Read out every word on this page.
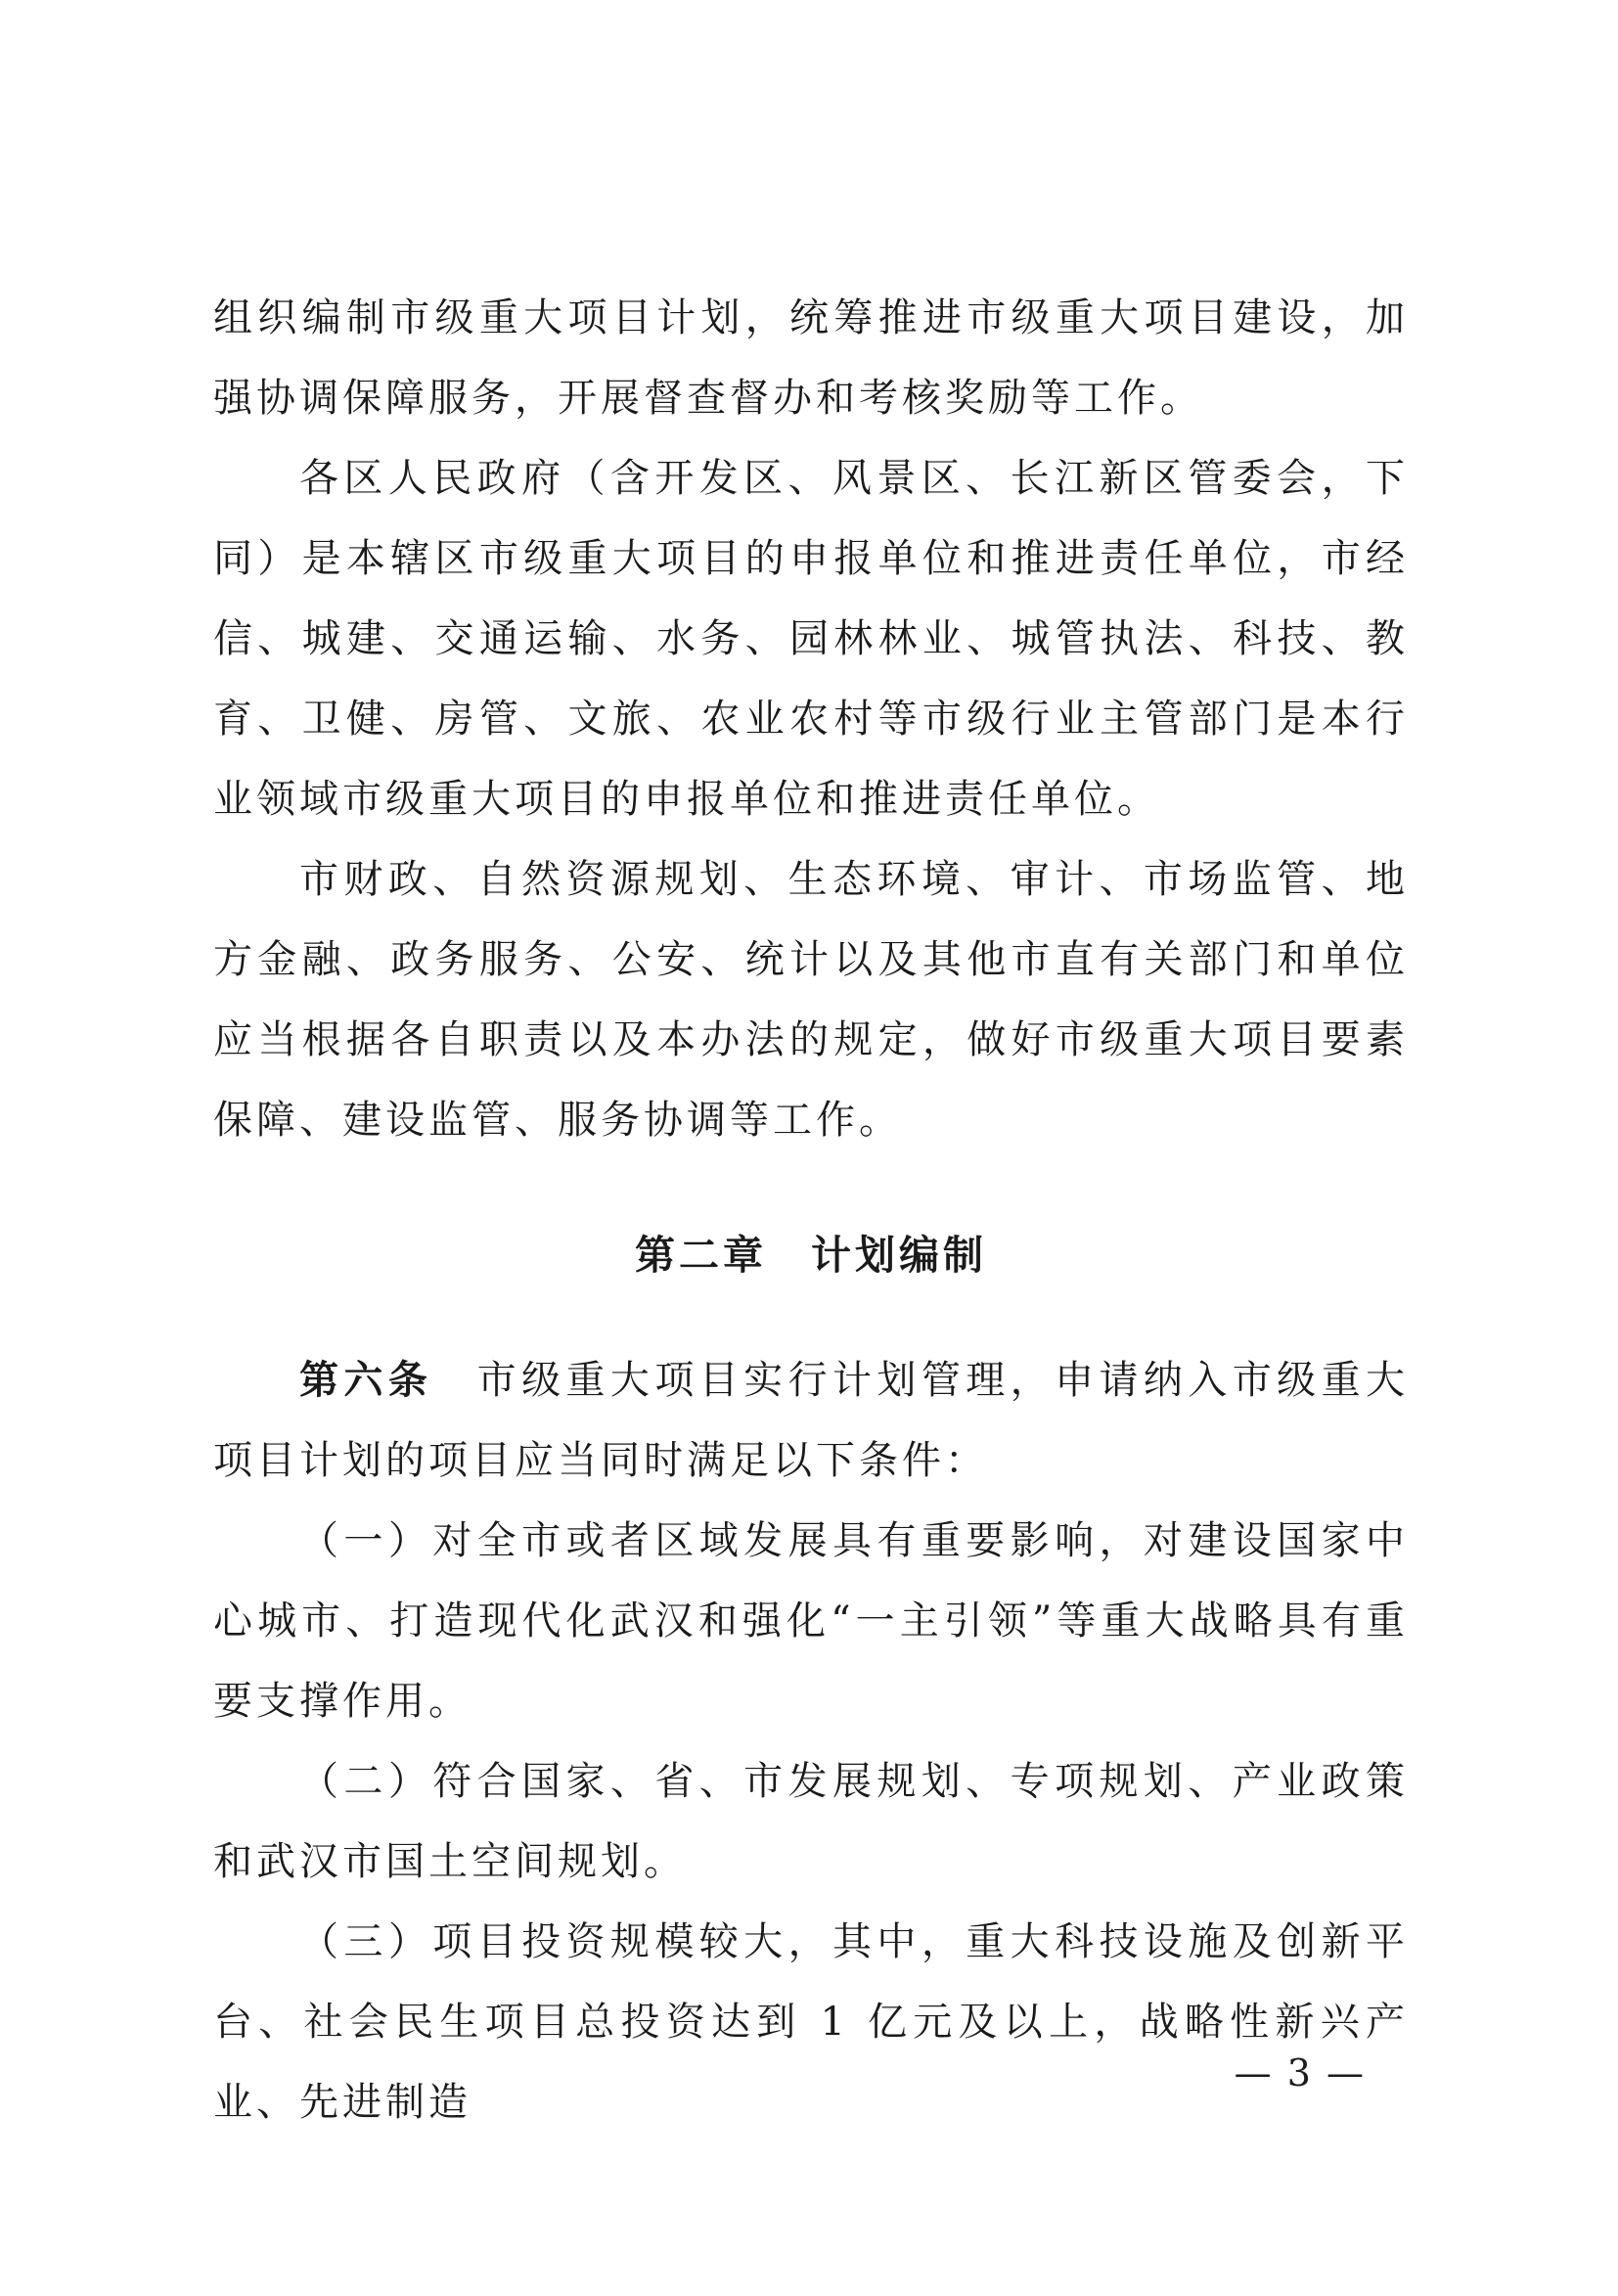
组织编制市级重大项目计划，统筹推进市级重大项目建设，加强协调保障服务，开展督查督办和考核奖励等工作。

各区人民政府（含开发区、风景区、长江新区管委会，下同）是本辖区市级重大项目的申报单位和推进责任单位，市经信、城建、交通运输、水务、园林林业、城管执法、科技、教育、卫健、房管、文旅、农业农村等市级行业主管部门是本行业领域市级重大项目的申报单位和推进责任单位。

市财政、自然资源规划、生态环境、审计、市场监管、地方金融、政务服务、公安、统计以及其他市直有关部门和单位应当根据各自职责以及本办法的规定，做好市级重大项目要素保障、建设监管、服务协调等工作。

第二章　计划编制

第六条 市级重大项目实行计划管理，申请纳入市级重大项目计划的项目应当同时满足以下条件：

（一）对全市或者区域发展具有重要影响，对建设国家中心城市、打造现代化武汉和强化“一主引领”等重大战略具有重要支撑作用。

（二）符合国家、省、市发展规划、专项规划、产业政策和武汉市国土空间规划。

（三）项目投资规模较大，其中，重大科技设施及创新平台、社会民生项目总投资达到 1 亿元及以上，战略性新兴产业、先进制造

— 3 —
